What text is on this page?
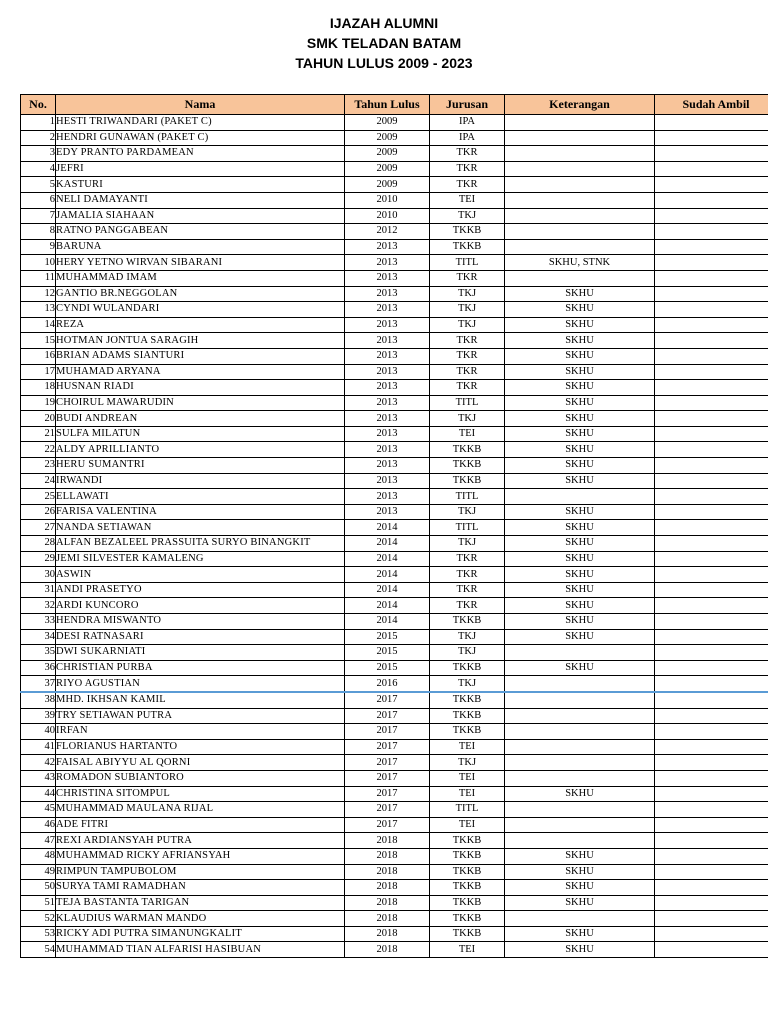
IJAZAH ALUMNI
SMK TELADAN BATAM
TAHUN LULUS 2009 - 2023
No.	Nama	Tahun Lulus	Jurusan	Keterangan	Sudah Ambil
1	HESTI TRIWANDARI (PAKET C)	2009	IPA		
2	HENDRI GUNAWAN (PAKET C)	2009	IPA		
3	EDY PRANTO PARDAMEAN	2009	TKR		
4	JEFRI	2009	TKR		
5	KASTURI	2009	TKR		
6	NELI DAMAYANTI	2010	TEI		
7	JAMALIA SIAHAAN	2010	TKJ		
8	RATNO PANGGABEAN	2012	TKKB		
9	BARUNA	2013	TKKB		
10	HERY YETNO WIRVAN SIBARANI	2013	TITL	SKHU, STNK	
11	MUHAMMAD IMAM	2013	TKR		
12	GANTIO BR.NEGGOLAN	2013	TKJ	SKHU	
13	CYNDI WULANDARI	2013	TKJ	SKHU	
14	REZA	2013	TKJ	SKHU	
15	HOTMAN JONTUA SARAGIH	2013	TKR	SKHU	
16	BRIAN ADAMS SIANTURI	2013	TKR	SKHU	
17	MUHAMAD ARYANA	2013	TKR	SKHU	
18	HUSNAN RIADI	2013	TKR	SKHU	
19	CHOIRUL MAWARUDIN	2013	TITL	SKHU	
20	BUDI ANDREAN	2013	TKJ	SKHU	
21	SULFA MILATUN	2013	TEI	SKHU	
22	ALDY APRILLIANTO	2013	TKKB	SKHU	
23	HERU SUMANTRI	2013	TKKB	SKHU	
24	IRWANDI	2013	TKKB	SKHU	
25	ELLAWATI	2013	TITL		
26	FARISA VALENTINA	2013	TKJ	SKHU	
27	NANDA SETIAWAN	2014	TITL	SKHU	
28	ALFAN BEZALEEL PRASSUITA SURYO BINANGKIT	2014	TKJ	SKHU	
29	JEMI SILVESTER KAMALENG	2014	TKR	SKHU	
30	ASWIN	2014	TKR	SKHU	
31	ANDI PRASETYO	2014	TKR	SKHU	
32	ARDI KUNCORO	2014	TKR	SKHU	
33	HENDRA MISWANTO	2014	TKKB	SKHU	
34	DESI RATNASARI	2015	TKJ	SKHU	
35	DWI SUKARNIATI	2015	TKJ		
36	CHRISTIAN PURBA	2015	TKKB	SKHU	
37	RIYO AGUSTIAN	2016	TKJ		
38	MHD. IKHSAN KAMIL	2017	TKKB		
39	TRY SETIAWAN PUTRA	2017	TKKB		
40	IRFAN	2017	TKKB		
41	FLORIANUS HARTANTO	2017	TEI		
42	FAISAL ABIYYU AL QORNI	2017	TKJ		
43	ROMADON SUBIANTORO	2017	TEI		
44	CHRISTINA SITOMPUL	2017	TEI	SKHU	
45	MUHAMMAD MAULANA RIJAL	2017	TITL		
46	ADE FITRI	2017	TEI		
47	REXI ARDIANSYAH PUTRA	2018	TKKB		
48	MUHAMMAD RICKY AFRIANSYAH	2018	TKKB	SKHU	
49	RIMPUN TAMPUBOLOM	2018	TKKB	SKHU	
50	SURYA TAMI RAMADHAN	2018	TKKB	SKHU	
51	TEJA BASTANTA TARIGAN	2018	TKKB	SKHU	
52	KLAUDIUS WARMAN MANDO	2018	TKKB		
53	RICKY ADI PUTRA SIMANUNGKALIT	2018	TKKB	SKHU	
54	MUHAMMAD TIAN ALFARISI HASIBUAN	2018	TEI	SKHU	
